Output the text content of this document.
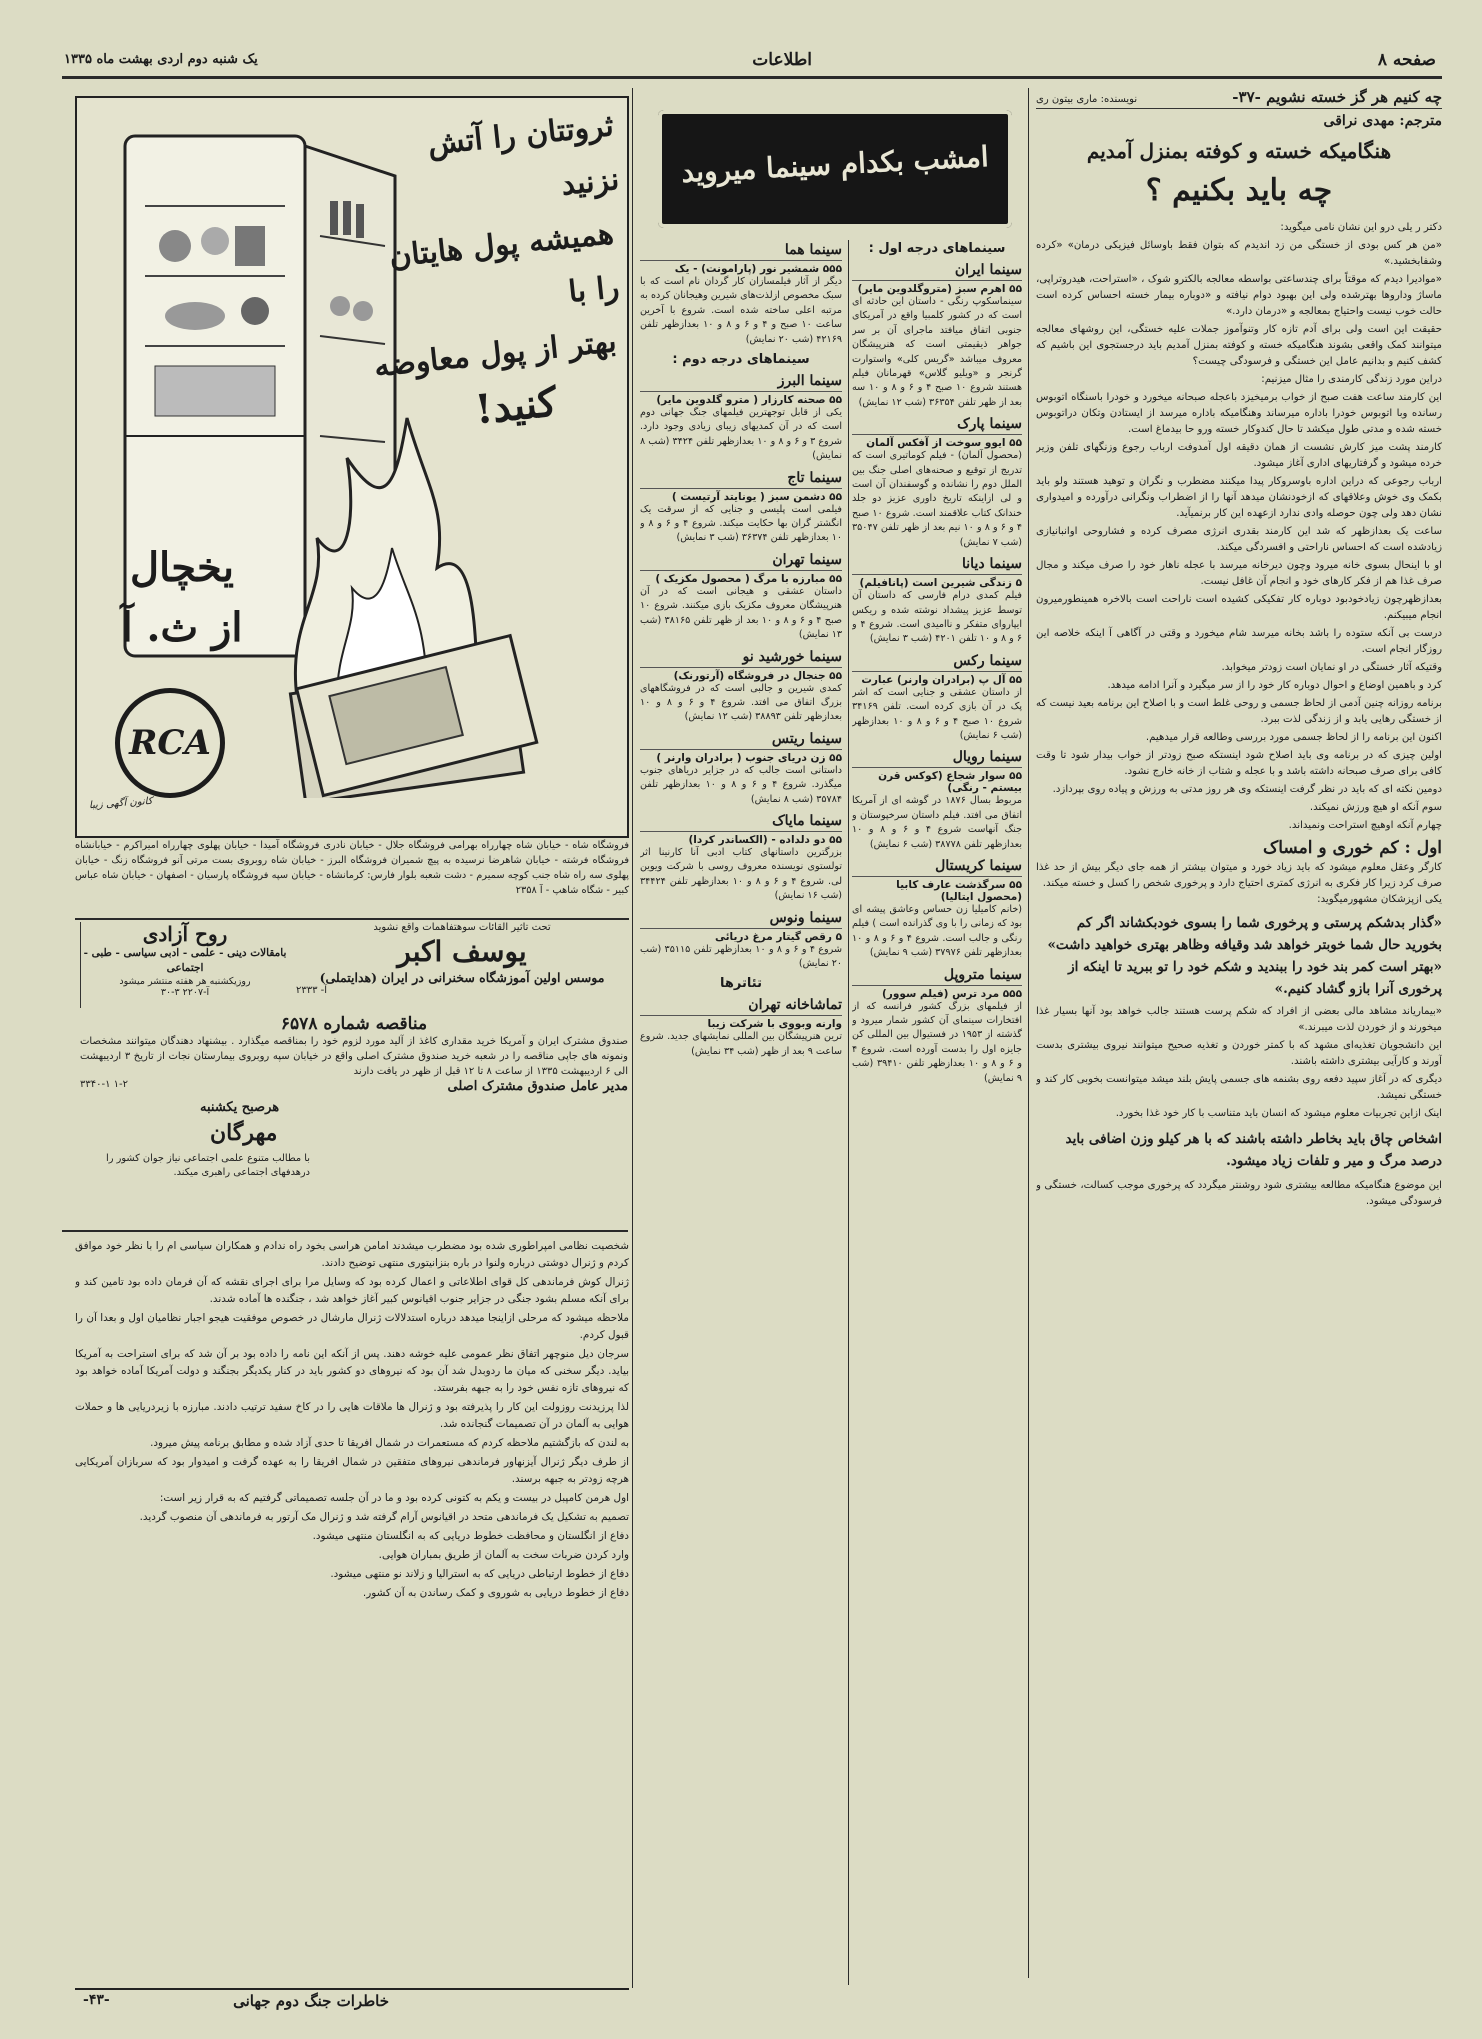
صفحه ۸
اطلاعات
یک شنبه دوم اردی بهشت ماه ۱۳۳۵
چه کنیم هر گز خسته نشویم -۳۷-
نویسنده: ماری بیتون ری
مترجم: مهدی نراقی
هنگامیکه خسته و کوفته بمنزل آمدیم
چه باید بکنیم ؟

دکتر ر یلی درو این نشان نامی میگوید:

«من هر کس بودی از خستگی من زد اندیدم که بتوان فقط باوسائل فیزیکی درمان» «کرده وشفابخشید.»

«موادیرا دیدم که موقتاً برای چندساعتی بواسطه معالجه بالکترو شوک ، «استراحت، هیدروتراپی، ماساژ وداروها بهترشده ولی این بهبود دوام نیافته و «دوباره بیمار خسته احساس کرده است حالت خوب نیست واحتیاج بمعالجه و «درمان دارد.»

حقیقت این است ولی برای آدم تازه کار وتنوآموز جملات علیه خستگی، این روشهای معالجه میتوانند کمک واقعی بشوند هنگامیکه خسته و کوفته بمنزل آمدیم باید درجستجوی این باشیم که کشف کنیم و بدانیم عامل این خستگی و فرسودگی چیست؟

دراین مورد زندگی کارمندی را مثال میزنیم:

این کارمند ساعت هفت صبح از خواب برمیخیزد باعجله صبحانه میخورد و خودرا باسنگاه اتوبوس رسانده وبا اتوبوس خودرا باداره میرساند وهنگامیکه باداره میرسد از ایستادن وتکان دراتوبوس خسته شده و مدتی طول میکشد تا حال کندوکار خسته ورو حا بیدماغ است.

کارمند پشت میز کارش نشست از همان دقیقه اول آمدوفت ارباب رجوع وزنگهای تلفن وزیر خرده میشود و گرفتاریهای اداری آغاز میشود.

ارباب رجوعی که دراین اداره باوسروکار پیدا میکنند مضطرب و نگران و توهید هستند ولو باید بکمک وی خوش وعلاقهای که ازخودنشان میدهد آنها را از اضطراب ونگرانی درآورده و امیدواری نشان دهد ولی چون حوصله وادی ندارد ازعهده این کار برنمیآید.

ساعت یک بعدازظهر که شد این کارمند بقدری انرژی مصرف کرده و فشاروحی اوانبانیازی زیادشده است که احساس ناراحتی و افسردگی میکند.

او با اینحال بسوی خانه میرود وچون دیرخانه میرسد با عجله ناهار خود را صرف میکند و مجال صرف غذا هم از فکر کارهای خود و انجام آن غافل نیست.

بعدازظهرچون زیادخودبود دوباره کار تفکیکی کشیده است ناراحت است بالاخره همینطورمیرون انجام میبیکنم.

درست بی آنکه ستوده را باشد بخانه میرسد شام میخورد و وقتی در آگاهی آ اینکه خلاصه این روزگار انجام است.

وقتیکه آثار خستگی در او نمایان است زودتر میخوابد.

کرد و باهمین اوضاع و احوال دوباره کار خود را از سر میگیرد و آنرا ادامه میدهد.

برنامه روزانه چنین آدمی از لحاظ جسمی و روحی غلط است و با اصلاح این برنامه بعید نیست که از خستگی رهایی یابد و از زندگی لذت ببرد.

اکنون این برنامه را از لحاظ جسمی مورد بررسی وطالعه قرار میدهیم.

اولین چیزی که در برنامه وی باید اصلاح شود اینستکه صبح زودتر از خواب بیدار شود تا وقت کافی برای صرف صبحانه داشته باشد و با عجله و شتاب از خانه خارج نشود.

دومین نکته ای که باید در نظر گرفت اینستکه وی هر روز مدتی به ورزش و پیاده روی بپردازد.

سوم آنکه او هیچ ورزش نمیکند.

چهارم آنکه اوهیچ استراحت ونمیداند.

اول : کم خوری و امساک
کارگر وعقل معلوم میشود که باید زیاد خورد و میتوان بیشتر از همه جای دیگر بیش از حد غذا صرف کرد زیرا کار فکری به انرژی کمتری احتیاج دارد و پرخوری شخص را کسل و خسته میکند.
یکی ازپزشکان مشهورمیگوید:
«گذار بدشکم پرستی و پرخوری شما را بسوی خودبکشاند اگر کم بخورید حال شما خوبتر خواهد شد وقیافه وظاهر بهتری خواهید داشت» «بهتر است کمر بند خود را ببندید و شکم خود را تو ببرید تا اینکه از پرخوری آنرا بازو گشاد کنیم.»

«بیماریاند مشاهد مالی بعضی از افراد که شکم پرست هستند جالب خواهد بود آنها بسیار غذا میخورند و از خوردن لذت میبرند.»

این دانشجویان تغذیه‌ای مشهد که با کمتر خوردن و تغذیه صحیح میتوانند نیروی بیشتری بدست آورند و کارآیی بیشتری داشته باشند.

دیگری که در آغاز سپید دفعه روی بشنمه های جسمی پایش بلند میشد میتوانست بخوبی کار کند و خستگی نمیشد.

اینک ازاین تجربیات معلوم میشود که انسان باید متناسب با کار خود غذا بخورد.

اشخاص چاق باید بخاطر داشته باشند که با هر کیلو وزن اضافی باید درصد مرگ و میر و تلفات زیاد میشود.
این موضوع هنگامیکه مطالعه بیشتری شود روشنتر میگردد که پرخوری موجب کسالت، خستگی و فرسودگی میشود.
امشب بکدام سینما میروید
سینماهای درجه اول :
سینما ایران
۵۵ اهرم سبز (متروگلدوین مایر)
سینماسکوپ رنگی - داستان این حادثه ای است که در کشور کلمبیا واقع در آمریکای جنوبی اتفاق میافتد ماجرای آن بر سر جواهر ذیقیمتی است که هنرپیشگان معروف میباشد «گریس کلی» واستوارت گرنجر و «ویلیو گلاس» قهرمانان فیلم هستند شروع ۱۰ صبح ۴ و ۶ و ۸ و ۱۰ سه بعد از ظهر تلفن ۳۶۳۵۴ (شب ۱۲ نمایش)
سینما پارک
۵۵ ایوو سوخت از آفکس آلمان
(محصول آلمان) - فیلم کوماتیری است که تدریج از توقیع و صحنه‌های اصلی جنگ بین الملل دوم را نشانده و گوسفندان آن است و لی ازاینکه تاریخ داوری عزیز دو جلد خندانک کتاب علاقمند است. شروع ۱۰ صبح ۴ و ۶ و ۸ و ۱۰ نیم بعد از ظهر تلفن ۳۵۰۴۷ (شب ۷ نمایش)
سینما دیانا
۵ زندگی شیرین است (پانافیلم)
فیلم کمدی درام فارسی که داستان آن توسط عزیز پیشداد نوشته شده و ریکس ایپاروای متفکر و ناامیدی است. شروع ۴ و ۶ و ۸ و ۱۰ تلفن ۴۲۰۱ (شب ۳ نمایش)
سینما رکس
۵۵ آل پ (برادران وارنر) عبارت
از داستان عشقی و جنایی است که اشر پک در آن بازی کرده است. تلفن ۳۴۱۶۹ شروع ۱۰ صبح ۴ و ۶ و ۸ و ۱۰ بعدازظهر (شب ۶ نمایش)
سینما رویال
۵۵ سوار شجاع (کوکس قرن بیستم - رنگی)
مربوط بسال ۱۸۷۶ در گوشه ای از آمریکا اتفاق می افتد. فیلم داستان سرخپوستان و جنگ آنهاست شروع ۴ و ۶ و ۸ و ۱۰ بعدازظهر تلفن ۳۸۷۷۸ (شب ۶ نمایش)
سینما کریستال
۵۵ سرگذشت عارف کابیا (محصول ایتالیا)
(خانم کامیلیا زن حساس وعاشق پیشه ای بود که زمانی را با وی گذرانده است ) فیلم رنگی و جالب است. شروع ۴ و ۶ و ۸ و ۱۰ بعدازظهر تلفن ۳۷۹۷۶ (شب ۹ نمایش)
سینما متروپل
۵۵۵ مرد ترس (فیلم سوور)
از فیلمهای بزرگ کشور فرانسه که از افتخارات سینمای آن کشور شمار میرود و گذشته از ۱۹۵۳ در فستیوال بین المللی کن جایزه اول را بدست آورده است. شروع ۴ و ۶ و ۸ و ۱۰ بعدازظهر تلفن ۳۹۴۱۰ (شب ۹ نمایش)
سینما هما
۵۵۵ شمشیر نور (پارامونت) - یک
دیگر از آثار فیلمسازان کار گردان نام است که با سبک مخصوص ازلذت‌های شیرین وهیجانان کرده به مرتبه اعلی ساخته شده است. شروع با آخرین ساعت ۱۰ صبح و ۴ و ۶ و ۸ و ۱۰ بعدازظهر تلفن ۴۲۱۶۹ (شب ۲۰ نمایش)
سینماهای درجه دوم :
سینما البرز
۵۵ صحنه کارزار ( مترو گلدوین مایر)
یکی از قابل توجهترین فیلمهای جنگ جهانی دوم است که در آن کمدیهای زیبای زیادی وجود دارد. شروع ۳ و ۶ و ۸ و ۱۰ بعدازظهر تلفن ۳۴۲۴ (شب ۸ نمایش)
سینما تاج
۵۵ دشمن سبز ( یونایتد آرتیست )
فیلمی است پلیسی و جنایی که از سرقت یک انگشتر گران بها حکایت میکند. شروع ۴ و ۶ و ۸ و ۱۰ بعدازظهر تلفن ۳۶۳۷۴ (شب ۳ نمایش)
سینما تهران
۵۵ مبارزه با مرگ ( محصول مکزیک )
داستان عشقی و هیجانی است که در آن هنرپیشگان معروف مکزیک بازی میکنند. شروع ۱۰ صبح ۴ و ۶ و ۸ و ۱۰ بعد از ظهر تلفن ۳۸۱۶۵ (شب ۱۳ نمایش)
سینما خورشید نو
۵۵ جنجال در فروشگاه (آرتورنک)
کمدی شیرین و جالبی است که در فروشگاههای بزرگ اتفاق می افتد. شروع ۴ و ۶ و ۸ و ۱۰ بعدازظهر تلفن ۳۸۸۹۳ (شب ۱۲ نمایش)
سینما ریتس
۵۵ زن دریای جنوب ( برادران وارنر )
داستانی است جالب که در جزایر دریاهای جنوب میگذرد. شروع ۴ و ۶ و ۸ و ۱۰ بعدازظهر تلفن ۳۵۷۸۴ (شب ۸ نمایش)
سینما مایاک
۵۵ دو دلداده - (الکساندر کردا)
بزرگترین داستانهای کتاب ادبی آنا کارنینا اثر تولستوی نویسنده معروف روسی با شرکت ویوین لی. شروع ۴ و ۶ و ۸ و ۱۰ بعدازظهر تلفن ۳۴۴۲۴ (شب ۱۶ نمایش)
سینما ونوس
۵ رقص گیتار مرغ دریائی
شروع ۴ و ۶ و ۸ و ۱۰ بعدازظهر تلفن ۳۵۱۱۵ (شب ۲۰ نمایش)
تئاترها
تماشاخانه تهران
وارنه وبووی با شرکت زیبا
ترین هنرپیشگان بین المللی نمایشهای جدید. شروع ساعت ۹ بعد از ظهر (شب ۳۴ نمایش)
ثروتتان را آتش نزنید
همیشه پول هایتان را با
بهتر از پول معاوضه
کنید!
یخچال
از ث. آ
RCA
کانون آگهی زیبا
فروشگاه شاه - خیابان شاه چهارراه بهرامی فروشگاه جلال - خیابان نادری فروشگاه آمیدا - خیابان پهلوی چهارراه امیراکرم - خیابانشاه فروشگاه فرشته - خیابان شاهرضا نرسیده به پیچ شمیران فروشگاه البرز - خیابان شاه روبروی بست مرتی آنو فروشگاه زنگ - خیابان پهلوی سه راه شاه جنب کوچه سمیرم - دشت شعبه بلوار فارس: کرمانشاه - خیابان سپه فروشگاه پارسیان - اصفهان - خیابان شاه عباس کبیر - شگاه شاهپ - آ ۲۳۵۸
تحت تاثیر القائات سوهتفاهمات واقع نشوید
یوسف اکبر
موسس اولین آموزشگاه سخنرانی در ایران (هدایتملی)
آ- ۲۳۳۳
مناقصه شماره ۶۵۷۸
صندوق مشترک ایران و آمریکا خرید مقداری کاغذ از آلید مورد لزوم خود را بمناقصه میگذارد . بیشنهاد دهندگان میتوانند مشخصات ونمونه های جاپی مناقصه را در شعبه خرید صندوق مشترک اصلی واقع در خیابان سپه روبروی بیمارستان نجات از تاریخ ۳ اردیبهشت الی ۶ اردیبهشت ۱۳۳۵ از ساعت ۸ تا ۱۲ قبل از ظهر در یافت دارند
مدیر عامل صندوق مشترک اصلی
۱-۲ ۳۳۴۰-۱
روح آزادی
بامقالات دینی - علمی - ادبی سیاسی - طبی - اجتماعی
روزیکشنبه هر هفته منتشر میشود
آ-۲۲۰۷ ۳-۳۰
هرصبح یکشنبه
مهرگان
با مطالب متنوع علمی اجتماعی نیاز جوان کشور را درهدفهای اجتماعی راهبری میکند.

شخصیت نظامی امپراطوری شده بود مضطرب میشدند امامن هراسی بخود راه ندادم و همکاران سیاسی ام را با نظر خود موافق کردم و ژنرال دوشتی درباره ولنوا در باره بنزانیتوری منتهی توضیح دادند.

ژنرال کوش فرماندهی کل قوای اطلاعاتی و اعمال کرده بود که وسایل مرا برای اجرای نقشه که آن فرمان داده بود تامین کند و برای آنکه مسلم بشود جنگی در جزایر جنوب اقیانوس کبیر آغاز خواهد شد ، جنگنده ها آماده شدند.

ملاحظه میشود که مرحلی ازاینجا میدهد درباره استدلالات ژنرال مارشال در خصوص موفقیت هیجو اجبار نظامیان اول و بعدا آن را قبول کردم.

سرجان دیل منوچهر اتفاق نظر عمومی علیه خوشه دهند. پس از آنکه این نامه را داده بود بر آن شد که برای استراحت به آمریکا بیاید. دیگر سخنی که میان ما ردوبدل شد آن بود که نیروهای دو کشور باید در کنار یکدیگر بجنگند و دولت آمریکا آماده خواهد بود که نیروهای تازه نفس خود را به جبهه بفرستد.

لذا پرزیدنت روزولت این کار را پذیرفته بود و ژنرال ها ملاقات هایی را در کاخ سفید ترتیب دادند. مبارزه با زیردریایی ها و حملات هوایی به آلمان در آن تصمیمات گنجانده شد.

به لندن که بازگشتیم ملاحظه کردم که مستعمرات در شمال افریقا تا حدی آزاد شده و مطابق برنامه پیش میرود.

از طرف دیگر ژنرال آیزنهاور فرماندهی نیروهای متفقین در شمال افریقا را به عهده گرفت و امیدوار بود که سربازان آمریکایی هرچه زودتر به جبهه برسند.

اول هرمن کامپبل در بیست و یکم به کتونی کرده بود و ما در آن جلسه تصمیماتی گرفتیم که به قرار زیر است:

تصمیم به تشکیل یک فرماندهی متحد در اقیانوس آرام گرفته شد و ژنرال مک آرتور به فرماندهی آن منصوب گردید.

دفاع از انگلستان و محافظت خطوط دریایی که به انگلستان منتهی میشود.

وارد کردن ضربات سخت به آلمان از طریق بمباران هوایی.

دفاع از خطوط ارتباطی دریایی که به استرالیا و زلاند نو منتهی میشود.

دفاع از خطوط دریایی به شوروی و کمک رساندن به آن کشور.

خاطرات جنگ دوم جهانی
-۴۳-
